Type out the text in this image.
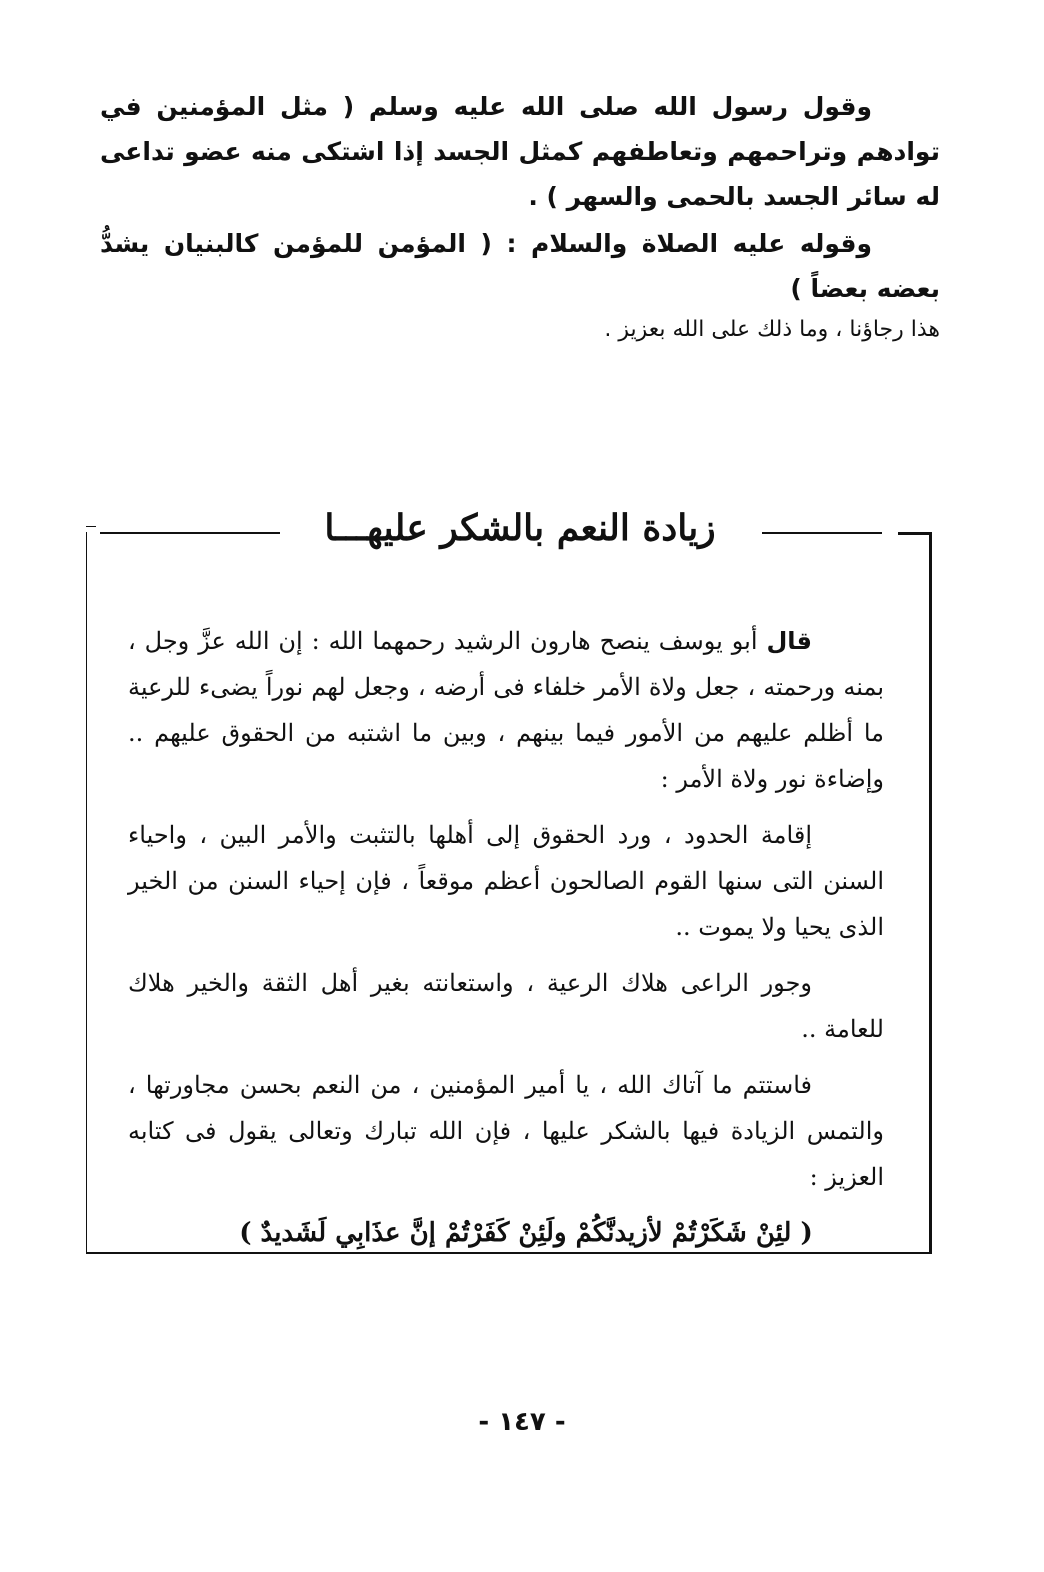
وقول رسول الله صلى الله عليه وسلم ( مثل المؤمنين في توادهم وتراحمهم وتعاطفهم كمثل الجسد إذا اشتكى منه عضو تداعى له سائر الجسد بالحمى والسهر ) .

وقوله عليه الصلاة والسلام : ( المؤمن للمؤمن كالبنيان يشدُّ بعضه بعضاً )

هذا رجاؤنا ، وما ذلك على الله بعزيز .

زيادة النعم بالشكر عليهـــا

قال أبو يوسف ينصح هارون الرشيد رحمهما الله : إن الله عزَّ وجل ، بمنه ورحمته ، جعل ولاة الأمر خلفاء فى أرضه ، وجعل لهم نوراً يضىء للرعية ما أظلم عليهم من الأمور فيما بينهم ، وبين ما اشتبه من الحقوق عليهم .. وإضاءة نور ولاة الأمر :

إقامة الحدود ، ورد الحقوق إلى أهلها بالتثبت والأمر البين ، واحياء السنن التى سنها القوم الصالحون أعظم موقعاً ، فإن إحياء السنن من الخير الذى يحيا ولا يموت ..

وجور الراعى هلاك الرعية ، واستعانته بغير أهل الثقة والخير هلاك للعامة ..

فاستتم ما آتاك الله ، يا أمير المؤمنين ، من النعم بحسن مجاورتها ، والتمس الزيادة فيها بالشكر عليها ، فإن الله تبارك وتعالى يقول فى كتابه العزيز :

( لئِنْ شَكَرْتُمْ لأزيدنَّكُمْ ولَئِنْ كَفَرْتُمْ إنَّ عذَابِي لَشَديدٌ )

- ١٤٧ -
